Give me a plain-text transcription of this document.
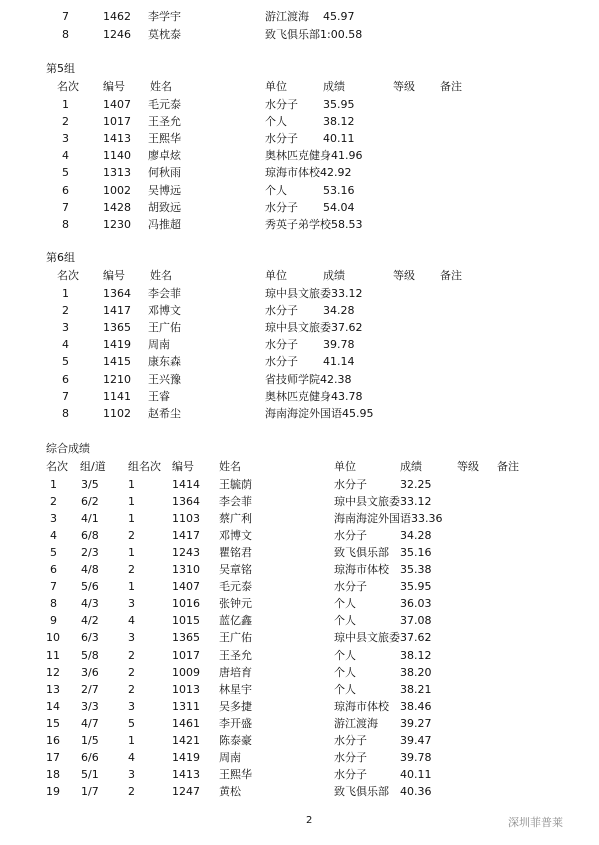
7	1462 李学宇	游江渡海 45.97
8	1246 莫枕泰	致飞俱乐部1:00.58
第5组
名次 编号 姓名	单位	成绩	等级 备注
1	1407 毛元泰	水分子 35.95
2	1017 王圣允	个人	38.12
3	1413 王熙华	水分子 40.11
4	1140 廖卓炫	奥林匹克健身41.96
5	1313 何秋雨	琼海市体校42.92
6	1002 吴博远	个人	53.16
7	1428 胡致远	水分子 54.04
8	1230 冯推超	秀英子弟学校58.53
第6组
名次 编号 姓名	单位	成绩	等级 备注
1	1364 李会菲	琼中县文旅委33.12
2	1417 邓博文	水分子 34.28
3	1365 王广佑	琼中县文旅委37.62
4	1419 周南	水分子 39.78
5	1415 康东森	水分子 41.14
6	1210 王兴豫	省技师学院42.38
7	1141 王睿	奥林匹克健身43.78
8	1102 赵希尘	海南海淀外国语45.95
综合成绩
名次 组/道 组名次 编号 姓名	单位	成绩	等级 备注
1 3/5	1	1414 王毓荫	水分子	32.25
2 6/2	1	1364 李会菲	琼中县文旅委33.12
3 4/1	1	1103 蔡广利	海南海淀外国语33.36
4 6/8	2	1417 邓博文	水分子	34.28
5 2/3	1	1243 瞿铭君	致飞俱乐部 35.16
6 4/8	2	1310 吴章铭	琼海市体校 35.38
7 5/6	1	1407 毛元泰	水分子	35.95
8 4/3	3	1016 张钟元	个人	36.03
9 4/2	4	1015 蓝亿鑫	个人	37.08
10 6/3	3	1365 王广佑	琼中县文旅委37.62
11 5/8	2	1017 王圣允	个人	38.12
12 3/6	2	1009 唐培育	个人	38.20
13 2/7	2	1013 林星宇	个人	38.21
14 3/3	3	1311 吴多捷	琼海市体校 38.46
15 4/7	5	1461 李开盛	游江渡海 39.27
16 1/5	1	1421 陈泰豪	水分子	39.47
17 6/6	4	1419 周南	水分子	39.78
18 5/1	3	1413 王熙华	水分子	40.11
19 1/7	2	1247 黄松	致飞俱乐部 40.36
2	深圳菲普莱
